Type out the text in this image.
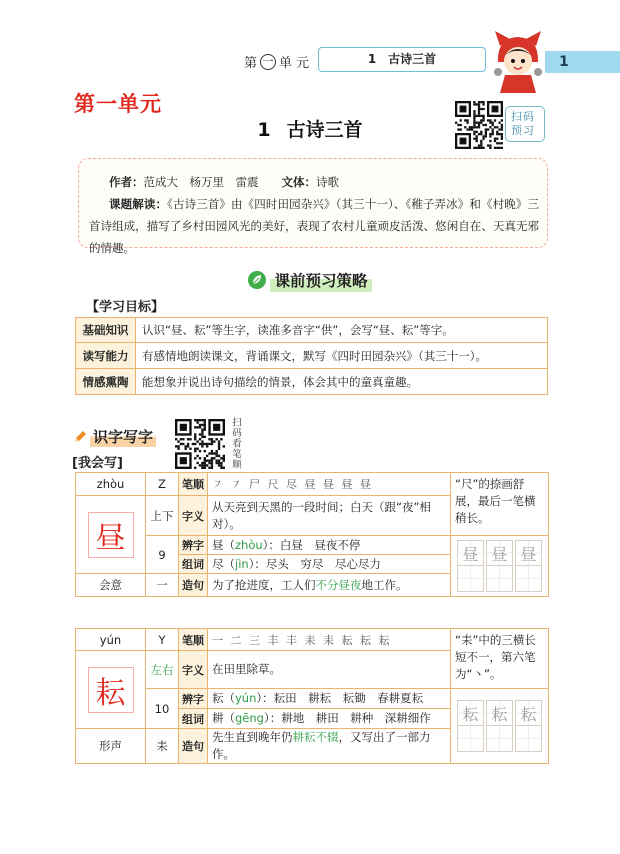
第 一 单 元	1　古诗三首	1
第一单元
1 古诗三首
扫码预习
作者：范成大　杨万里　雷震　　 文体：诗歌
课题解读：《古诗三首》由《四时田园杂兴》（其三十一）、《稚子弄冰》和《村晚》三首诗组成，描写了乡村田园风光的美好，表现了农村儿童顽皮活泼、悠闲自在、天真无邪的情趣。
课前预习策略
【学习目标】
基础知识	认识“昼、耘”等生字，读准多音字“供”，会写“昼、耘”等字。
读写能力	有感情地朗读课文，背诵课文，默写《四时田园杂兴》（其三十一）。
情感熏陶	能想象并说出诗句描绘的情景，体会其中的童真童趣。
识字写字	扫码看笔顺
[我会写]
zhòu	Z	笔顺	㇇ ㇇ 尸 尺 尽 昼 昼 昼 昼	“尺”的捺画舒展，最后一笔横稍长。

昼	上下	字义	从天亮到天黑的一段时间；白天（跟“夜”相对）。	
	9	辨字	昼（zhòu）：白昼　昼夜不停	昼 昼 昼

		组词	尽（jìn）：尽头　穷尽　尽心尽力	
会意	一	造句	为了抢进度，工人们不分昼夜地工作。	
yún	Y	笔顺	一 二 三 丰 丰 耒 耒 耘 耘 耘	“耒”中的三横长短不一，第六笔为“丶”。

耘	左右	字义	在田里除草。	
	10	辨字	耘（yún）：耘田　耕耘　耘锄　春耕夏耘	耘 耘 耘

		组词	耕（gēng）：耕地　耕田　耕种　深耕细作	
形声	耒	造句	先生直到晚年仍耕耘不辍，又写出了一部力作。	
